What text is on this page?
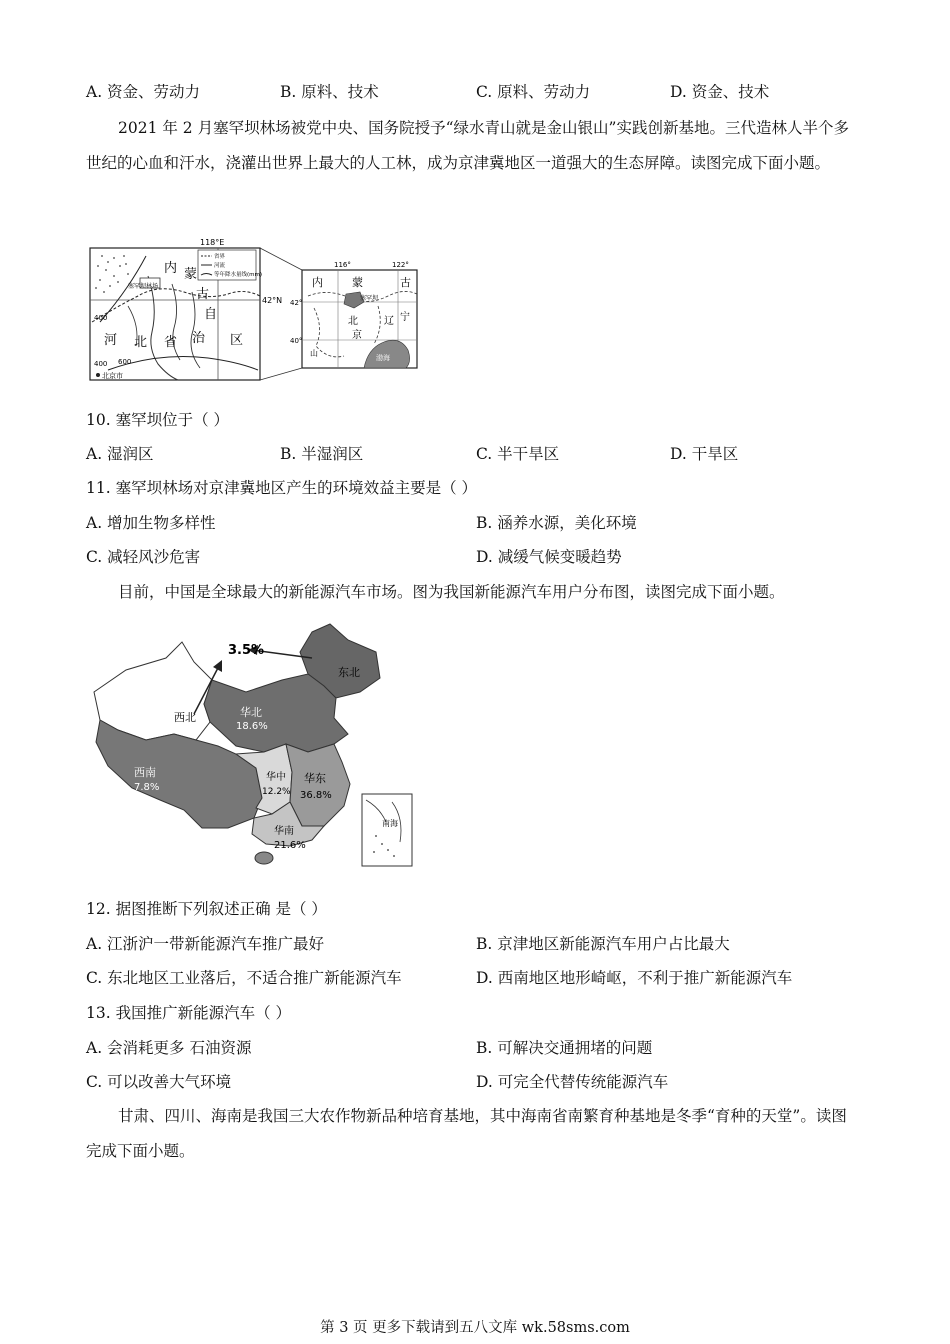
A. 资金、劳动力	B. 原料、技术	C. 原料、劳动力	D. 资金、技术
2021 年 2 月塞罕坝林场被党中央、国务院授予“绿水青山就是金山银山”实践创新基地。三代造林人半个多世纪的心血和汗水，浇灌出世界上最大的人工林，成为京津冀地区一道强大的生态屏障。读图完成下面小题。
118°E
42°N
400
400 600
塞罕坝林场
内 蒙
古
自
治 区
河 北 省
北京市
省界
河流
等年降水量线(mm)
116°	122°
42°
40°
塞罕坝
渤海
内	蒙	古
辽 宁
北
京
山
10. 塞罕坝位于（ ）
A. 湿润区	B. 半湿润区	C. 半干旱区	D. 干旱区
11. 塞罕坝林场对京津冀地区产生的环境效益主要是（ ）
A. 增加生物多样性	B. 涵养水源，美化环境
C. 减轻风沙危害	D. 减缓气候变暖趋势
目前，中国是全球最大的新能源汽车市场。图为我国新能源汽车用户分布图，读图完成下面小题。
3.5%
西北
东北
华北
18.6%
西南
7.8%
华中
12.2%
华东
36.8%
华南
21.6%
南海
12. 据图推断下列叙述正确 是（ ）
A. 江浙沪一带新能源汽车推广最好	B. 京津地区新能源汽车用户占比最大
C. 东北地区工业落后，不适合推广新能源汽车	D. 西南地区地形崎岖，不利于推广新能源汽车
13. 我国推广新能源汽车（ ）
A. 会消耗更多 石油资源	B. 可解决交通拥堵的问题
C. 可以改善大气环境	D. 可完全代替传统能源汽车
甘肃、四川、海南是我国三大农作物新品种培育基地，其中海南省南繁育种基地是冬季“育种的天堂”。读图完成下面小题。
第 3 页 更多下载请到五八文库 wk.58sms.com
